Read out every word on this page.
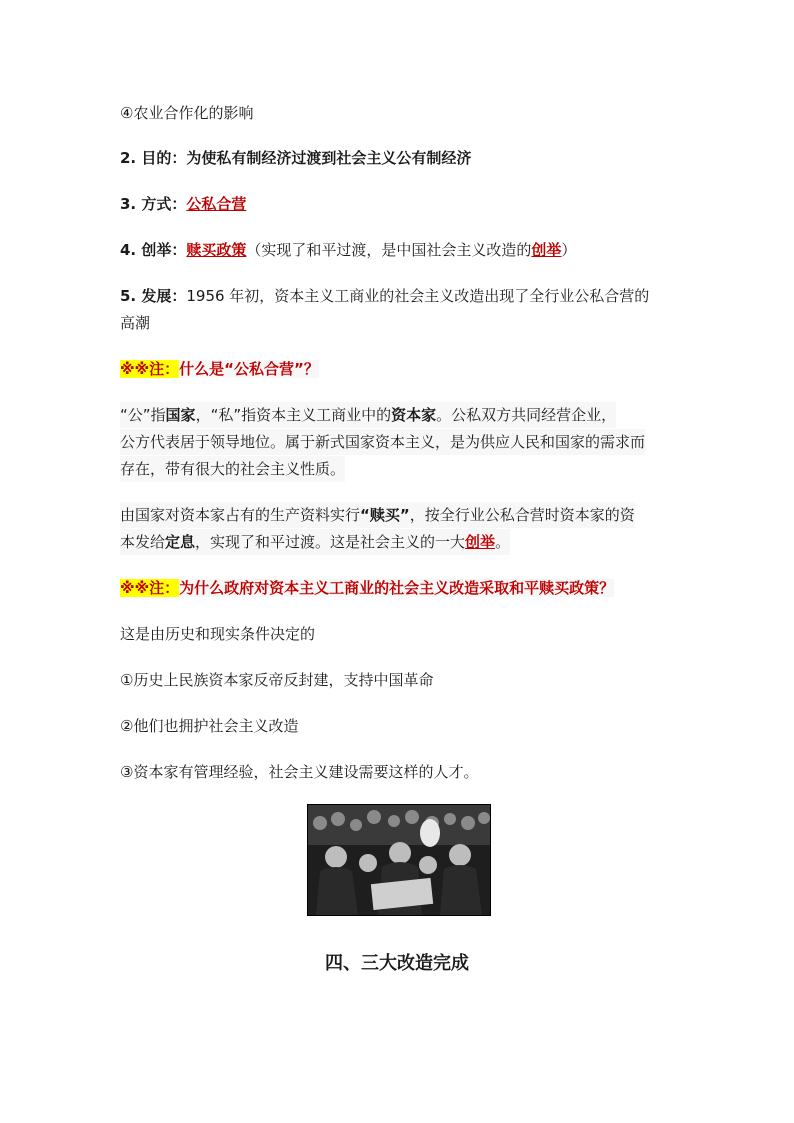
④农业合作化的影响
2. 目的：为使私有制经济过渡到社会主义公有制经济
3. 方式：公私合营
4. 创举：赎买政策（实现了和平过渡，是中国社会主义改造的创举）
5. 发展：1956 年初，资本主义工商业的社会主义改造出现了全行业公私合营的
高潮
※※注：什么是“公私合营”？
“公”指国家，“私”指资本主义工商业中的资本家。公私双方共同经营企业，
公方代表居于领导地位。属于新式国家资本主义，是为供应人民和国家的需求而
存在，带有很大的社会主义性质。
由国家对资本家占有的生产资料实行“赎买”，按全行业公私合营时资本家的资
本发给定息，实现了和平过渡。这是社会主义的一大创举。
※※注：为什么政府对资本主义工商业的社会主义改造采取和平赎买政策？
这是由历史和现实条件决定的
①历史上民族资本家反帝反封建，支持中国革命
②他们也拥护社会主义改造
③资本家有管理经验，社会主义建设需要这样的人才。
四、三大改造完成
